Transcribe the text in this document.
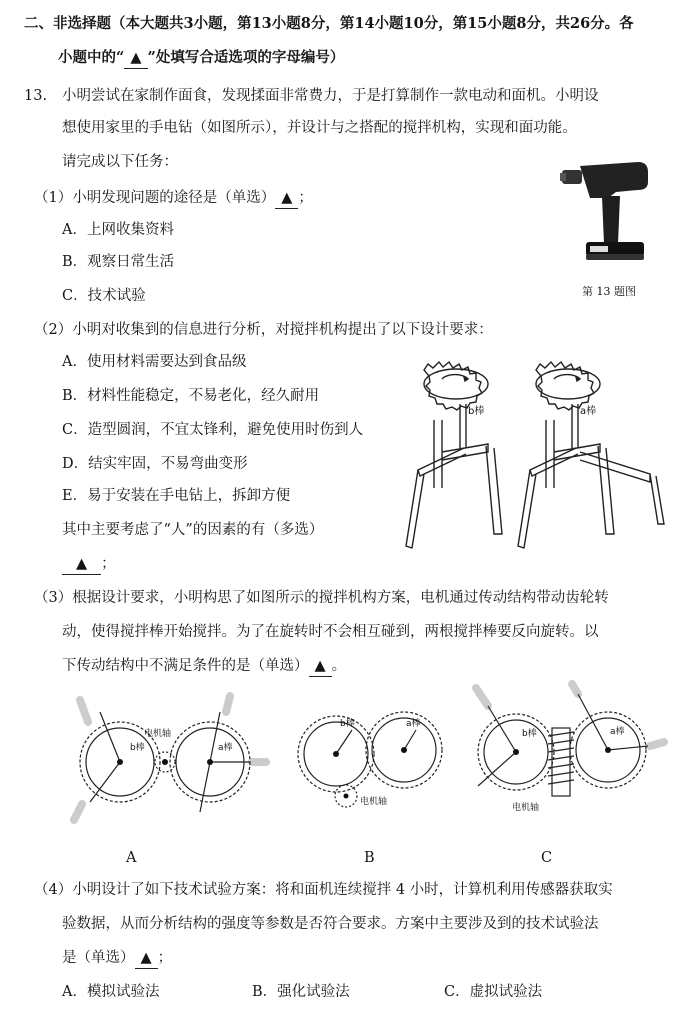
二、非选择题（本大题共3小题，第13小题8分，第14小题10分，第15小题8分，共26分。各
小题中的“ ▲ ”处填写合适选项的字母编号）
13. 小明尝试在家制作面食，发现揉面非常费力，于是打算制作一款电动和面机。小明设
想使用家里的手电钻（如图所示），并设计与之搭配的搅拌机构，实现和面功能。
请完成以下任务：
第 13 题图
（1）小明发现问题的途径是（单选） ▲ ；
A．上网收集资料
B．观察日常生活
C．技术试验
（2）小明对收集到的信息进行分析，对搅拌机构提出了以下设计要求：
A．使用材料需要达到食品级
B．材料性能稳定，不易老化，经久耐用
C．造型圆润，不宜太锋利，避免使用时伤到人
D．结实牢固，不易弯曲变形
E．易于安装在手电钻上，拆卸方便
其中主要考虑了“人”的因素的有（多选）
▲ ；
b棒	a棒
（3）根据设计要求，小明构思了如图所示的搅拌机构方案，电机通过传动结构带动齿轮转
动，使得搅拌棒开始搅拌。为了在旋转时不会相互碰到，两根搅拌棒要反向旋转。以
下传动结构中不满足条件的是（单选） ▲ 。
b棒	a棒
电机轴
b棒	a棒
电机轴
b棒	a棒
电机轴
A	B	C
（4）小明设计了如下技术试验方案：将和面机连续搅拌 4 小时，计算机利用传感器获取实
验数据，从而分析结构的强度等参数是否符合要求。方案中主要涉及到的技术试验法
是（单选） ▲ ；
A．模拟试验法	B．强化试验法	C．虚拟试验法
